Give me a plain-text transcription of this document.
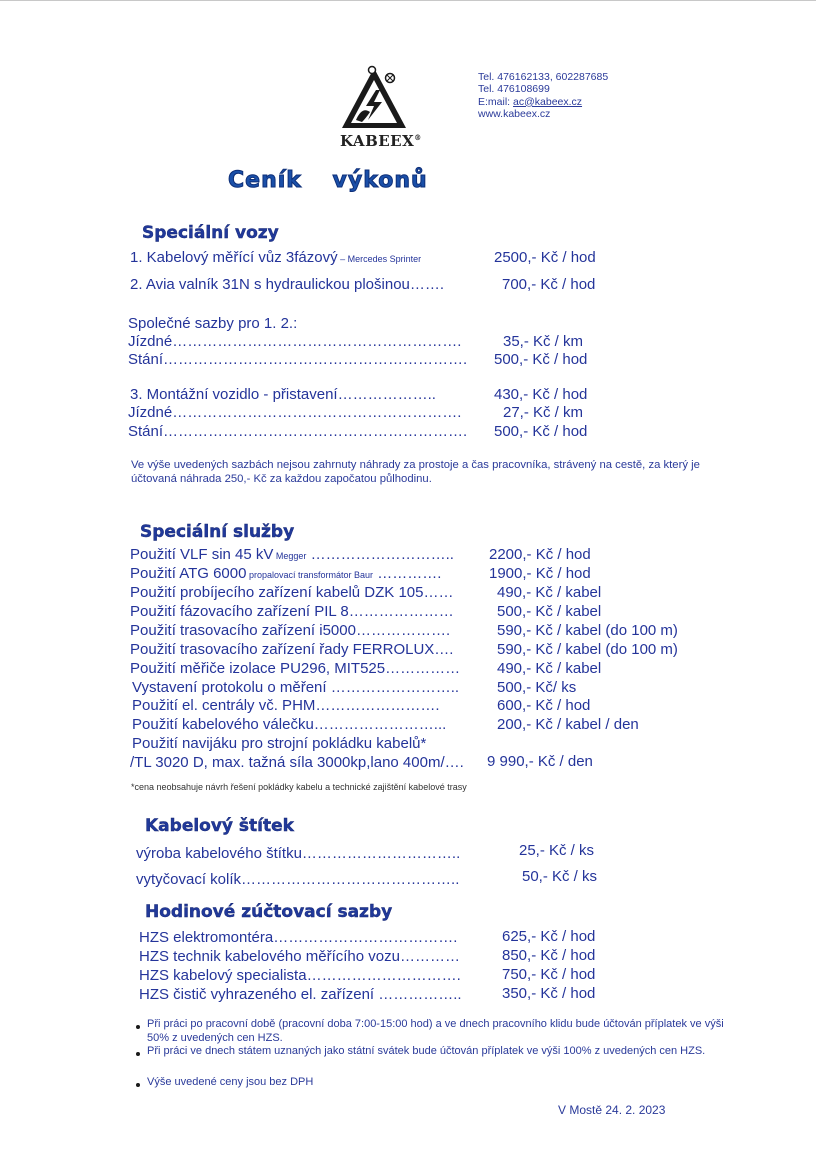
KABEEX®
Tel. 476162133, 602287685
Tel. 476108699
E:mail: ac@kabeex.cz
www.kabeex.cz
Ceník výkonů
Speciální vozy
1. Kabelový měřící vůz 3fázový – Mercedes Sprinter	2500,- Kč / hod
2. Avia valník 31N s hydraulickou plošinou…….	700,- Kč / hod
Společné sazby pro 1. 2.:
Jízdné………………………………………………….	35,- Kč / km
Stání……………………………………………………. 500,- Kč / hod
3. Montážní vozidlo - přistavení………………..	430,- Kč / hod
Jízdné………………………………………………….	27,- Kč / km
Stání……………………………………………………. 500,- Kč / hod
Ve výše uvedených sazbách nejsou zahrnuty náhrady za prostoje a čas pracovníka, strávený na cestě, za který je účtovaná náhrada 250,- Kč za každou započatou půlhodinu.
Speciální služby
Použití VLF sin 45 kV Megger ……………………….. 2200,- Kč / hod
Použití ATG 6000 propalovací transformátor Baur ………….	1900,- Kč / hod
Použití probíjecího zařízení kabelů DZK 105……	490,- Kč / kabel
Použití fázovacího zařízení PIL 8…………………	500,- Kč / kabel
Použití trasovacího zařízení i5000……………….	590,- Kč / kabel (do 100 m)
Použití trasovacího zařízení řady FERROLUX….	590,- Kč / kabel (do 100 m)
Použití měřiče izolace PU296, MIT525…………… 490,- Kč / kabel
Vystavení protokolu o měření ……………………..	500,- Kč/ ks
Použití el. centrály vč. PHM…………………….	600,- Kč / hod
Použití kabelového válečku……………………...	200,- Kč / kabel / den
Použití navijáku pro strojní pokládku kabelů*
/TL 3020 D, max. tažná síla 3000kp,lano 400m/…. 9 990,- Kč / den
*cena neobsahuje návrh řešení pokládky kabelu a technické zajištění kabelové trasy
Kabelový štítek
výroba kabelového štítku…………………………..	25,- Kč / ks
vytyčovací kolík……………………………………..	50,- Kč / ks
Hodinové zúčtovací sazby
HZS elektromontéra……………………………….	625,- Kč / hod
HZS technik kabelového měřícího vozu…………	850,- Kč / hod
HZS kabelový specialista………………………….	750,- Kč / hod
HZS čistič vyhrazeného el. zařízení ……………..	350,- Kč / hod
Při práci po pracovní době (pracovní doba 7:00-15:00 hod) a ve dnech pracovního klidu bude účtován příplatek ve výši 50% z uvedených cen HZS.
Při práci ve dnech státem uznaných jako státní svátek bude účtován příplatek ve výši 100% z uvedených cen HZS.
Výše uvedené ceny jsou bez DPH
V Mostě 24. 2. 2023
